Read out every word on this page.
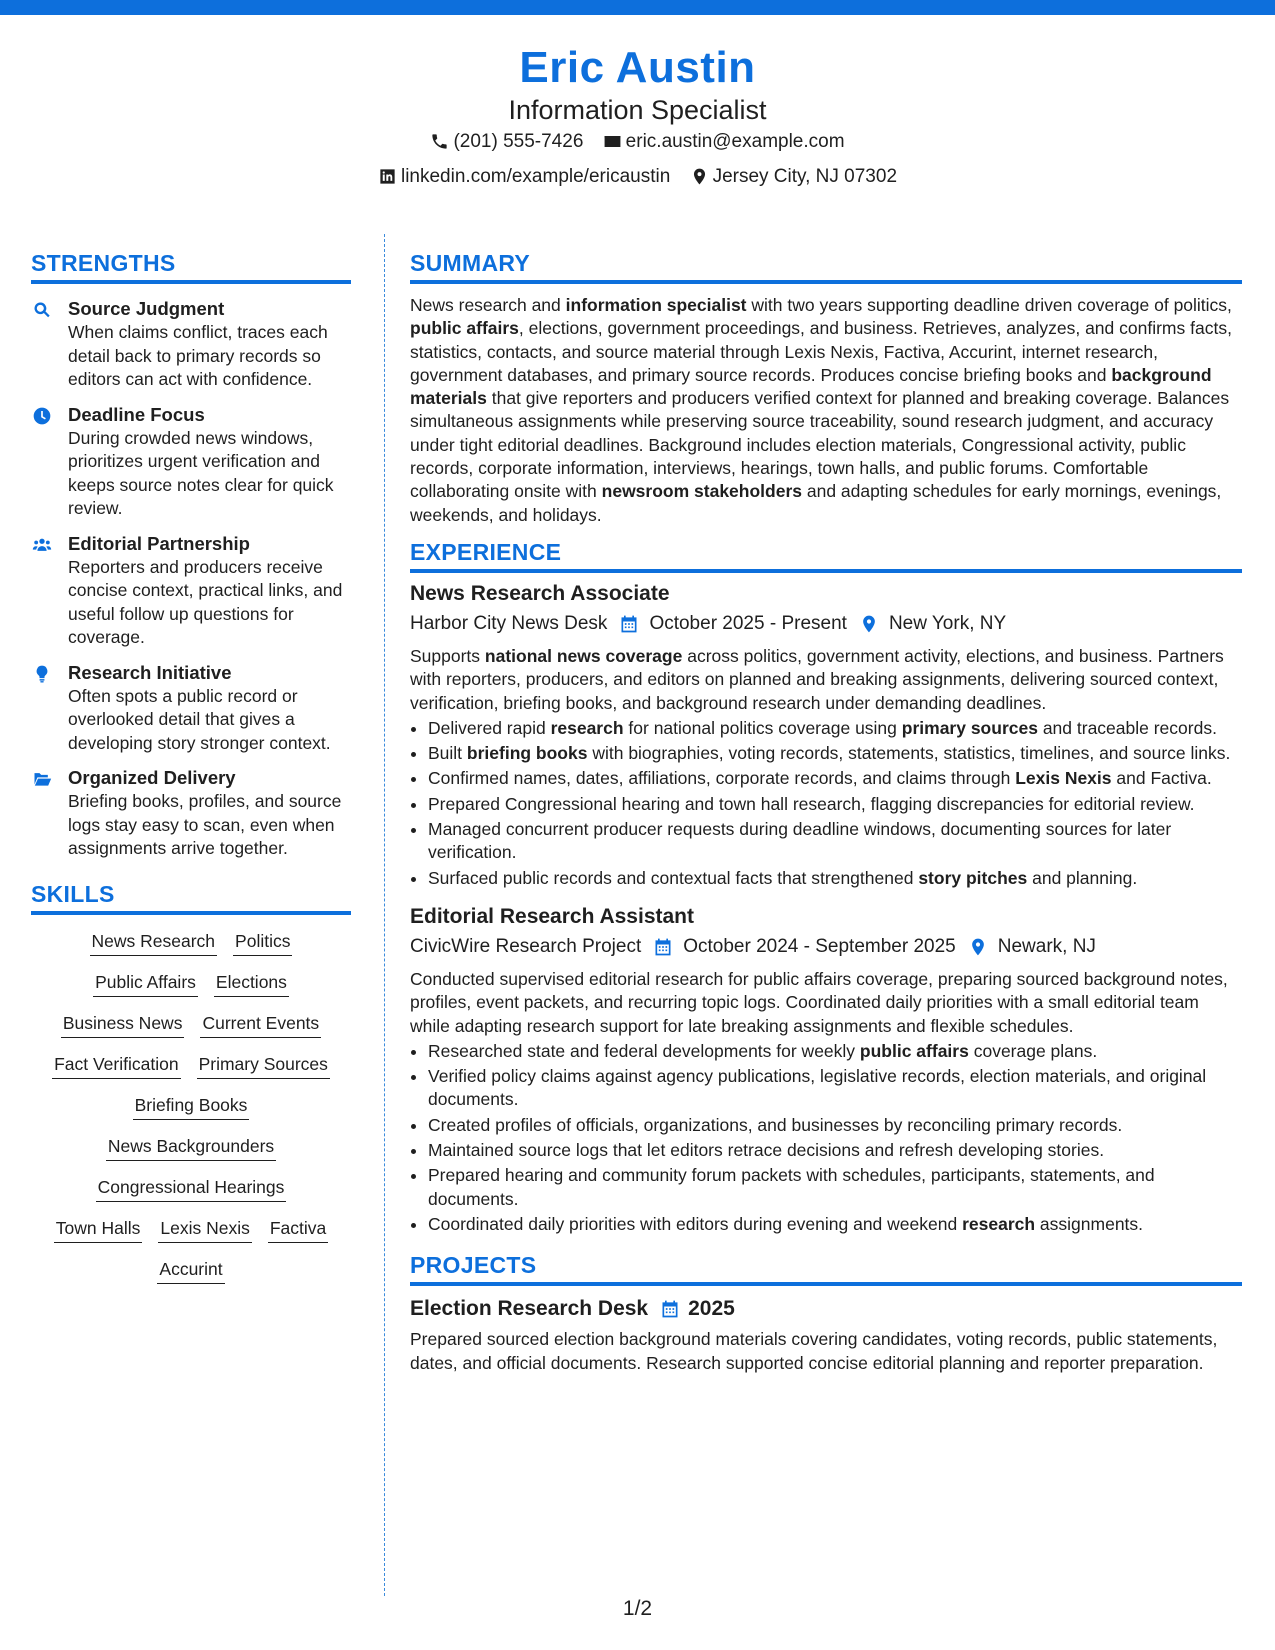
Eric Austin
Information Specialist
(201) 555-7426
eric.austin@example.com
linkedin.com/example/ericaustin
Jersey City, NJ 07302
STRENGTHS
Source Judgment
When claims conflict, traces each detail back to primary records so editors can act with confidence.
Deadline Focus
During crowded news windows, prioritizes urgent verification and keeps source notes clear for quick review.
Editorial Partnership
Reporters and producers receive concise context, practical links, and useful follow up questions for coverage.
Research Initiative
Often spots a public record or overlooked detail that gives a developing story stronger context.
Organized Delivery
Briefing books, profiles, and source logs stay easy to scan, even when assignments arrive together.
SKILLS
News Research Politics
Public Affairs Elections
Business News Current Events
Fact Verification Primary Sources
Briefing Books
News Backgrounders
Congressional Hearings
Town Halls Lexis Nexis Factiva
Accurint
SUMMARY
News research and information specialist with two years supporting deadline driven coverage of politics, public affairs, elections, government proceedings, and business. Retrieves, analyzes, and confirms facts, statistics, contacts, and source material through Lexis Nexis, Factiva, Accurint, internet research, government databases, and primary source records. Produces concise briefing books and background materials that give reporters and producers verified context for planned and breaking coverage. Balances simultaneous assignments while preserving source traceability, sound research judgment, and accuracy under tight editorial deadlines. Background includes election materials, Congressional activity, public records, corporate information, interviews, hearings, town halls, and public forums. Comfortable collaborating onsite with newsroom stakeholders and adapting schedules for early mornings, evenings, weekends, and holidays.
EXPERIENCE
News Research Associate
Harbor City News Desk October 2025 - Present New York, NY
Supports national news coverage across politics, government activity, elections, and business. Partners with reporters, producers, and editors on planned and breaking assignments, delivering sourced context, verification, briefing books, and background research under demanding deadlines.
• Delivered rapid research for national politics coverage using primary sources and traceable records.
• Built briefing books with biographies, voting records, statements, statistics, timelines, and source links.
• Confirmed names, dates, affiliations, corporate records, and claims through Lexis Nexis and Factiva.
• Prepared Congressional hearing and town hall research, flagging discrepancies for editorial review.
• Managed concurrent producer requests during deadline windows, documenting sources for later verification.
• Surfaced public records and contextual facts that strengthened story pitches and planning.
Editorial Research Assistant
CivicWire Research Project October 2024 - September 2025 Newark, NJ
Conducted supervised editorial research for public affairs coverage, preparing sourced background notes, profiles, event packets, and recurring topic logs. Coordinated daily priorities with a small editorial team while adapting research support for late breaking assignments and flexible schedules.
• Researched state and federal developments for weekly public affairs coverage plans.
• Verified policy claims against agency publications, legislative records, election materials, and original documents.
• Created profiles of officials, organizations, and businesses by reconciling primary records.
• Maintained source logs that let editors retrace decisions and refresh developing stories.
• Prepared hearing and community forum packets with schedules, participants, statements, and documents.
• Coordinated daily priorities with editors during evening and weekend research assignments.
PROJECTS
Election Research Desk 2025
Prepared sourced election background materials covering candidates, voting records, public statements, dates, and official documents. Research supported concise editorial planning and reporter preparation.
1/2
